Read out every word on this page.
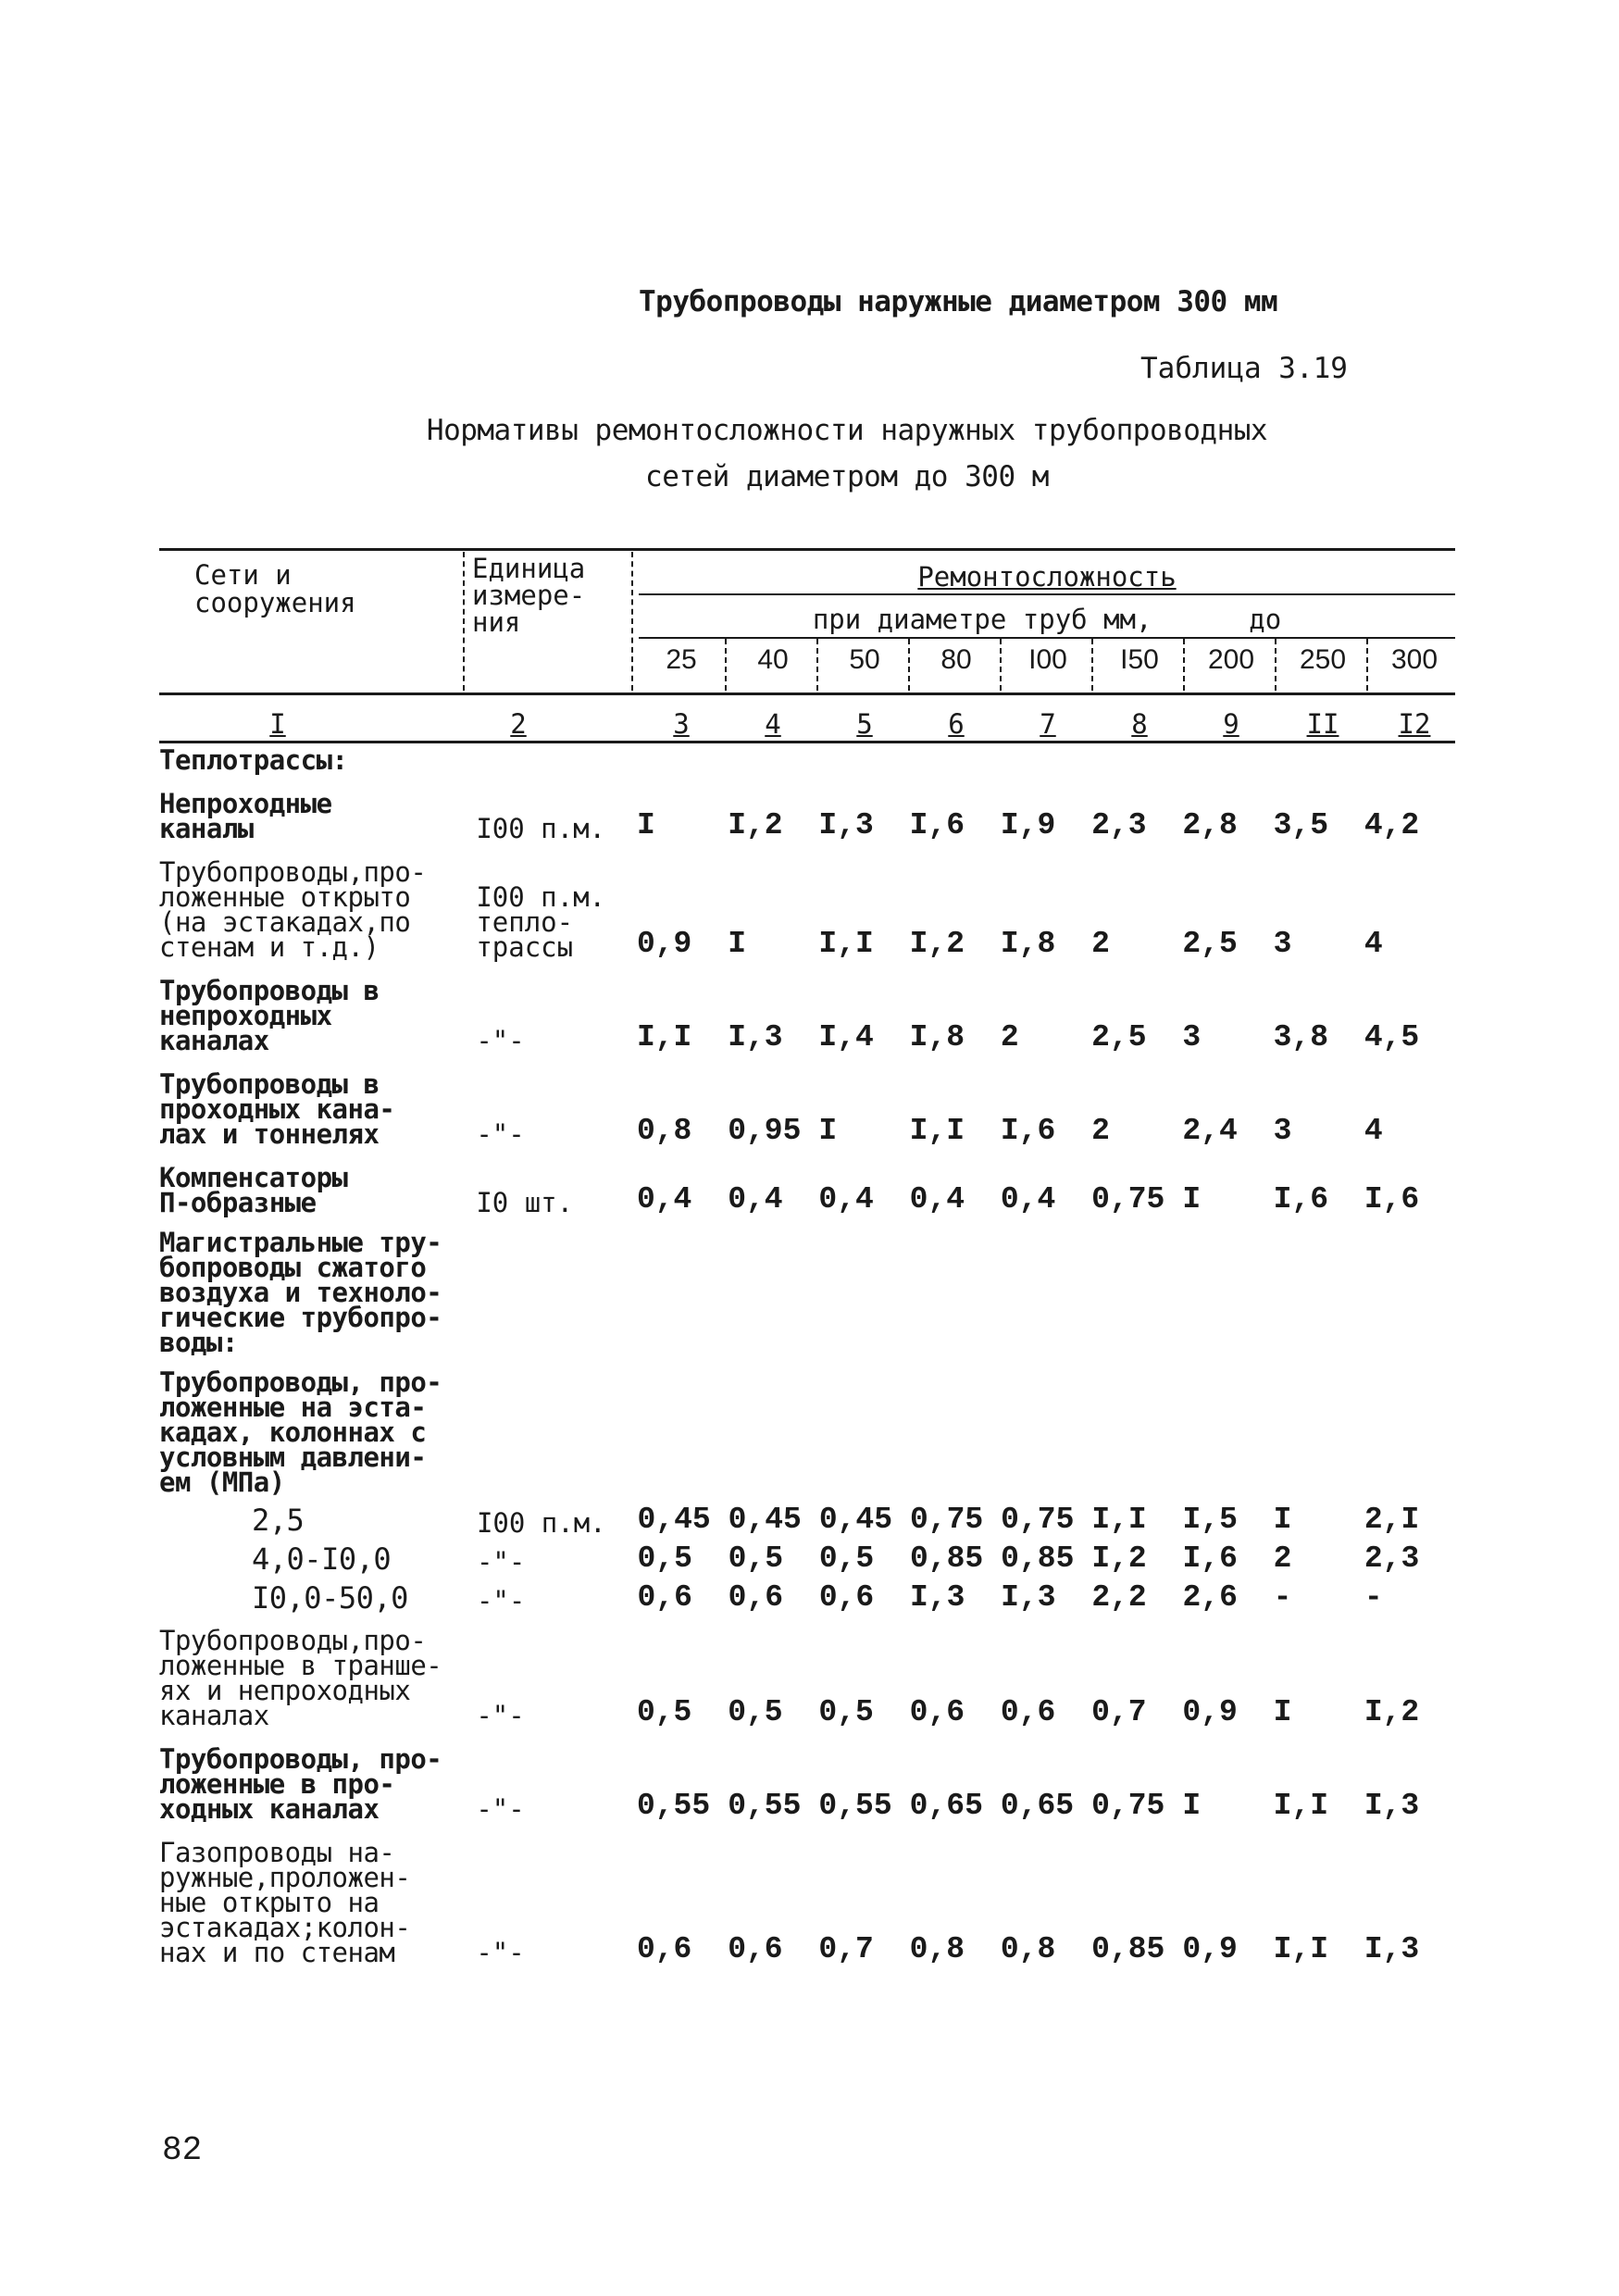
Трубопроводы наружные диаметром 300 мм
Таблица 3.19
Нормативы ремонтосложности наружных трубопроводных
сетей диаметром до 300 м
Сети и
сооружения
Единица
измере-
ния
Ремонтосложность
при диаметре труб мм,      до
25	40	50	80	I00	I50	200	250	300
I	2	3	4	5	6	7	8	9	II	I2
Теплотрассы:
Непроходные
каналы	I00 п.м.	I	I,2	I,3	I,6	I,9	2,3	2,8	3,5	4,2
Трубопроводы,про-
ложенные открыто
(на эстакадах,по
стенам и т.д.)
I00 п.м.
тепло-
трассы	0,9	I	I,I	I,2	I,8	2	2,5	3	4
Трубопроводы в
непроходных
каналах	-"-	I,I	I,3	I,4	I,8	2	2,5	3	3,8	4,5
Трубопроводы в
проходных кана-
лах и тоннелях	-"-	0,8	0,95 I	I,I	I,6	2	2,4	3	4
Компенсаторы
П-образные	I0 шт.	0,4	0,4	0,4	0,4	0,4	0,75 I	I,6	I,6
Магистральные тру-
бопроводы сжатого
воздуха и техноло-
гические трубопро-
воды:
Трубопроводы, про-
ложенные на эста-
кадах, колоннах с
условным давлени-
ем (МПа)
2,5	I00 п.м.	0,45 0,45 0,45 0,75 0,75 I,I	I,5	I	2,I
4,0-I0,0	-"-	0,5	0,5	0,5	0,85 0,85 I,2	I,6	2	2,3
I0,0-50,0	-"-	0,6	0,6	0,6	I,3	I,3	2,2	2,6	-	-
Трубопроводы,про-
ложенные в транше-
ях и непроходных
каналах	-"-	0,5	0,5	0,5	0,6	0,6	0,7	0,9	I	I,2
Трубопроводы, про-
ложенные в про-
ходных каналах	-"-	0,55 0,55 0,55 0,65 0,65 0,75 I	I,I	I,3
Газопроводы на-
ружные,проложен-
ные открыто на
эстакадах;колон-
нах и по стенам	-"-	0,6	0,6	0,7	0,8	0,8	0,85 0,9	I,I	I,3
82
